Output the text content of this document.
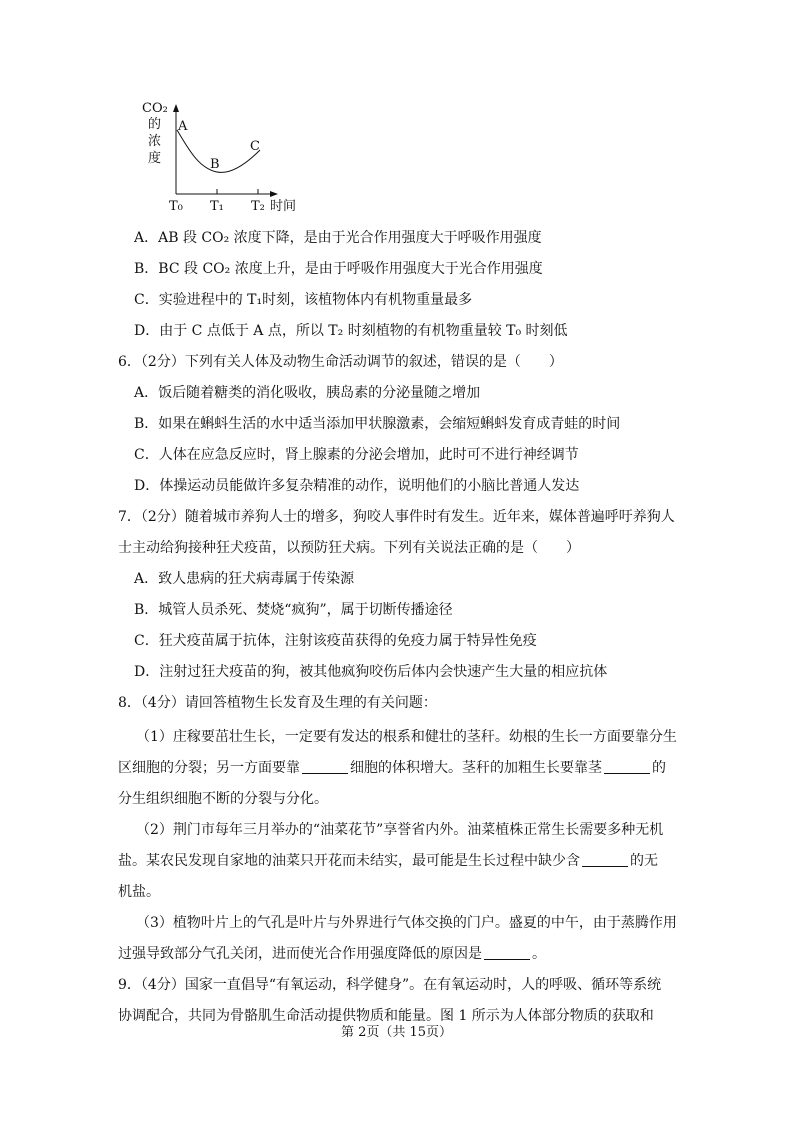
CO₂
的
浓
度
A
B
C
T₀ T₁ T₂ 时间
A．AB 段 CO₂ 浓度下降，是由于光合作用强度大于呼吸作用强度
B．BC 段 CO₂ 浓度上升，是由于呼吸作用强度大于光合作用强度
C．实验进程中的 T₁时刻，该植物体内有机物重量最多
D．由于 C 点低于 A 点，所以 T₂ 时刻植物的有机物重量较 T₀ 时刻低
6．（2分）下列有关人体及动物生命活动调节的叙述，错误的是（　　）
A．饭后随着糖类的消化吸收，胰岛素的分泌量随之增加
B．如果在蝌蚪生活的水中适当添加甲状腺激素，会缩短蝌蚪发育成青蛙的时间
C．人体在应急反应时，肾上腺素的分泌会增加，此时可不进行神经调节
D．体操运动员能做许多复杂精准的动作，说明他们的小脑比普通人发达
7．（2分）随着城市养狗人士的增多，狗咬人事件时有发生。近年来，媒体普遍呼吁养狗人
士主动给狗接种狂犬疫苗，以预防狂犬病。下列有关说法正确的是（　　）
A．致人患病的狂犬病毒属于传染源
B．城管人员杀死、焚烧“疯狗”，属于切断传播途径
C．狂犬疫苗属于抗体，注射该疫苗获得的免疫力属于特异性免疫
D．注射过狂犬疫苗的狗，被其他疯狗咬伤后体内会快速产生大量的相应抗体
8．（4分）请回答植物生长发育及生理的有关问题：
（1）庄稼要茁壮生长，一定要有发达的根系和健壮的茎秆。幼根的生长一方面要靠分生
区细胞的分裂；另一方面要靠	细胞的体积增大。茎秆的加粗生长要靠茎	的
分生组织细胞不断的分裂与分化。
（2）荆门市每年三月举办的“油菜花节”享誉省内外。油菜植株正常生长需要多种无机
盐。某农民发现自家地的油菜只开花而未结实，最可能是生长过程中缺少含	的无
机盐。
（3）植物叶片上的气孔是叶片与外界进行气体交换的门户。盛夏的中午，由于蒸腾作用
过强导致部分气孔关闭，进而使光合作用强度降低的原因是	。
9．（4分）国家一直倡导“有氧运动，科学健身”。在有氧运动时，人的呼吸、循环等系统
协调配合，共同为骨骼肌生命活动提供物质和能量。图 1 所示为人体部分物质的获取和
第 2页（共 15页）
